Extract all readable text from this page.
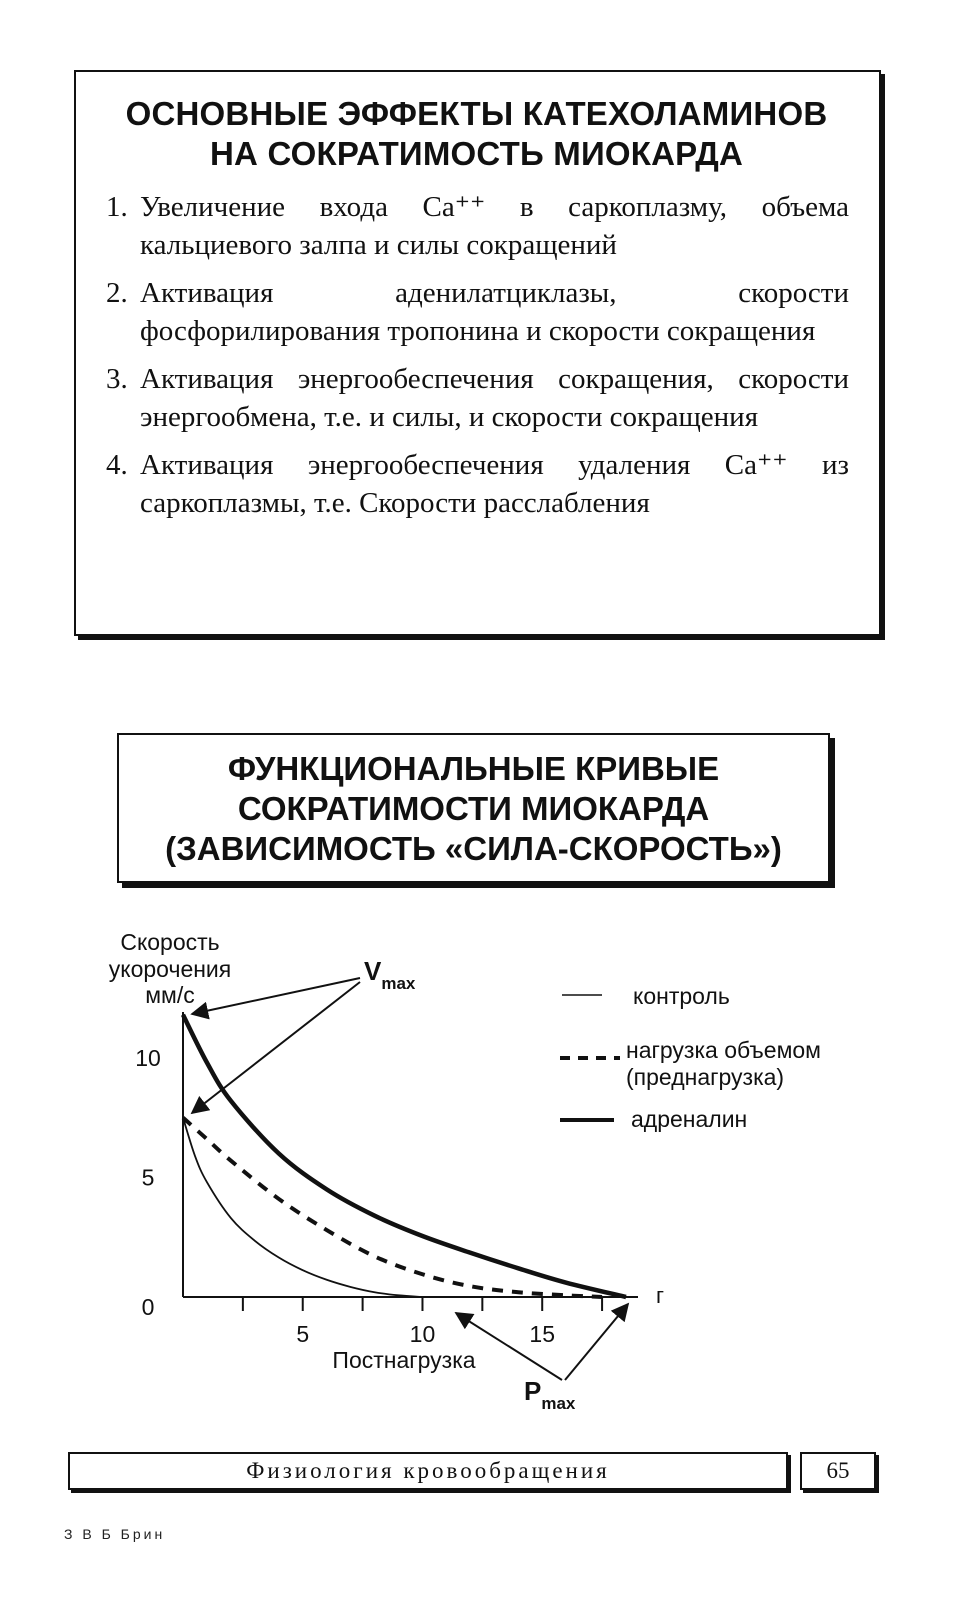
ОСНОВНЫЕ ЭФФЕКТЫ КАТЕХОЛАМИНОВ
НА СОКРАТИМОСТЬ МИОКАРДА
1. Увеличение входа Са⁺⁺ в саркоплазму, объема кальциевого залпа и силы сокращений
2. Активация аденилатциклазы, скорости фосфорилирования тропонина и скорости сокращения
3. Активация энергообеспечения сокращения, скорости энергообмена, т.е. и силы, и скорости сокращения
4. Активация энергообеспечения удаления Са⁺⁺ из саркоплазмы, т.е. Скорости расслабления
ФУНКЦИОНАЛЬНЫЕ КРИВЫЕ
СОКРАТИМОСТИ МИОКАРДА
(ЗАВИСИМОСТЬ «СИЛА-СКОРОСТЬ»)
Скорость
укорочения
мм/с
0
5
10
5	10	15
г
Постнагрузка
$V_{max}$
$P_{max}$
контроль
нагрузка объемом
(преднагрузка)
адреналин
Физиология кровообращения	65
З В Б Брин
